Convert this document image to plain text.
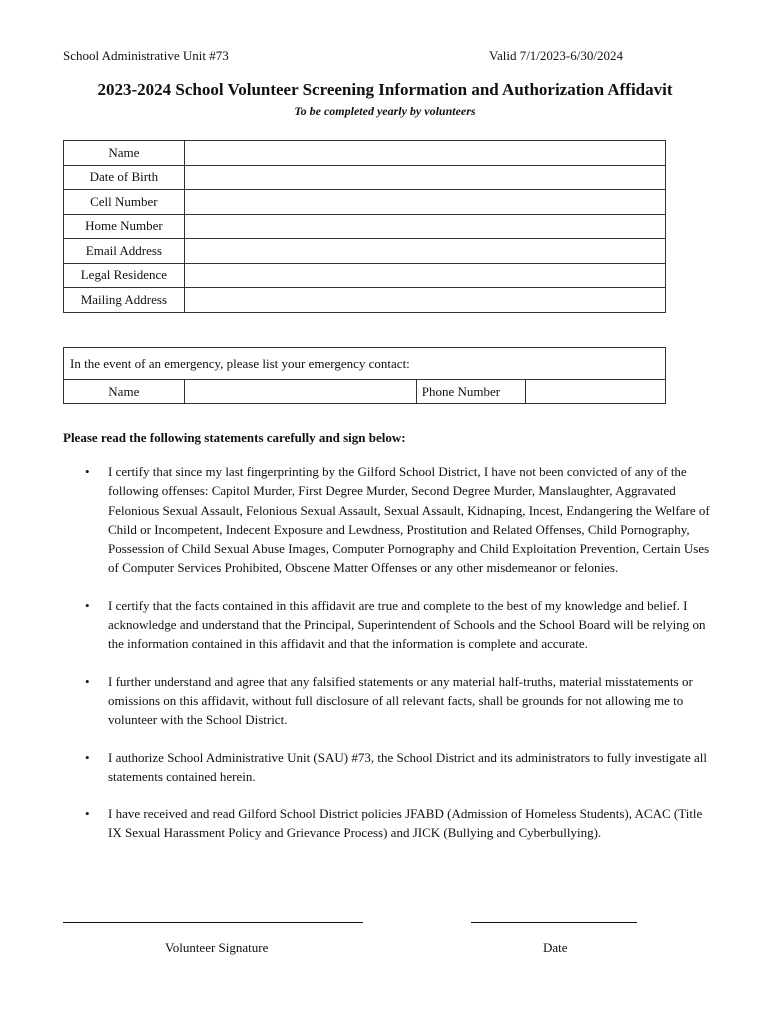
School Administrative Unit #73	Valid 7/1/2023-6/30/2024
2023-2024 School Volunteer Screening Information and Authorization Affidavit
To be completed yearly by volunteers
Name	
Date of Birth	
Cell Number	
Home Number	
Email Address	
Legal Residence	
Mailing Address	
In the event of an emergency, please list your emergency contact:
Name		Phone Number	
Please read the following statements carefully and sign below:
• I certify that since my last fingerprinting by the Gilford School District, I have not been convicted of any of the following offenses: Capitol Murder, First Degree Murder, Second Degree Murder, Manslaughter, Aggravated Felonious Sexual Assault, Felonious Sexual Assault, Sexual Assault, Kidnaping, Incest, Endangering the Welfare of Child or Incompetent, Indecent Exposure and Lewdness, Prostitution and Related Offenses, Child Pornography, Possession of Child Sexual Abuse Images, Computer Pornography and Child Exploitation Prevention, Certain Uses of Computer Services Prohibited, Obscene Matter Offenses or any other misdemeanor or felonies.
• I certify that the facts contained in this affidavit are true and complete to the best of my knowledge and belief. I acknowledge and understand that the Principal, Superintendent of Schools and the School Board will be relying on the information contained in this affidavit and that the information is complete and accurate.
• I further understand and agree that any falsified statements or any material half-truths, material misstatements or omissions on this affidavit, without full disclosure of all relevant facts, shall be grounds for not allowing me to volunteer with the School District.
• I authorize School Administrative Unit (SAU) #73, the School District and its administrators to fully investigate all statements contained herein.
• I have received and read Gilford School District policies JFABD (Admission of Homeless Students), ACAC (Title IX Sexual Harassment Policy and Grievance Process) and JICK (Bullying and Cyberbullying).
Volunteer Signature	Date
